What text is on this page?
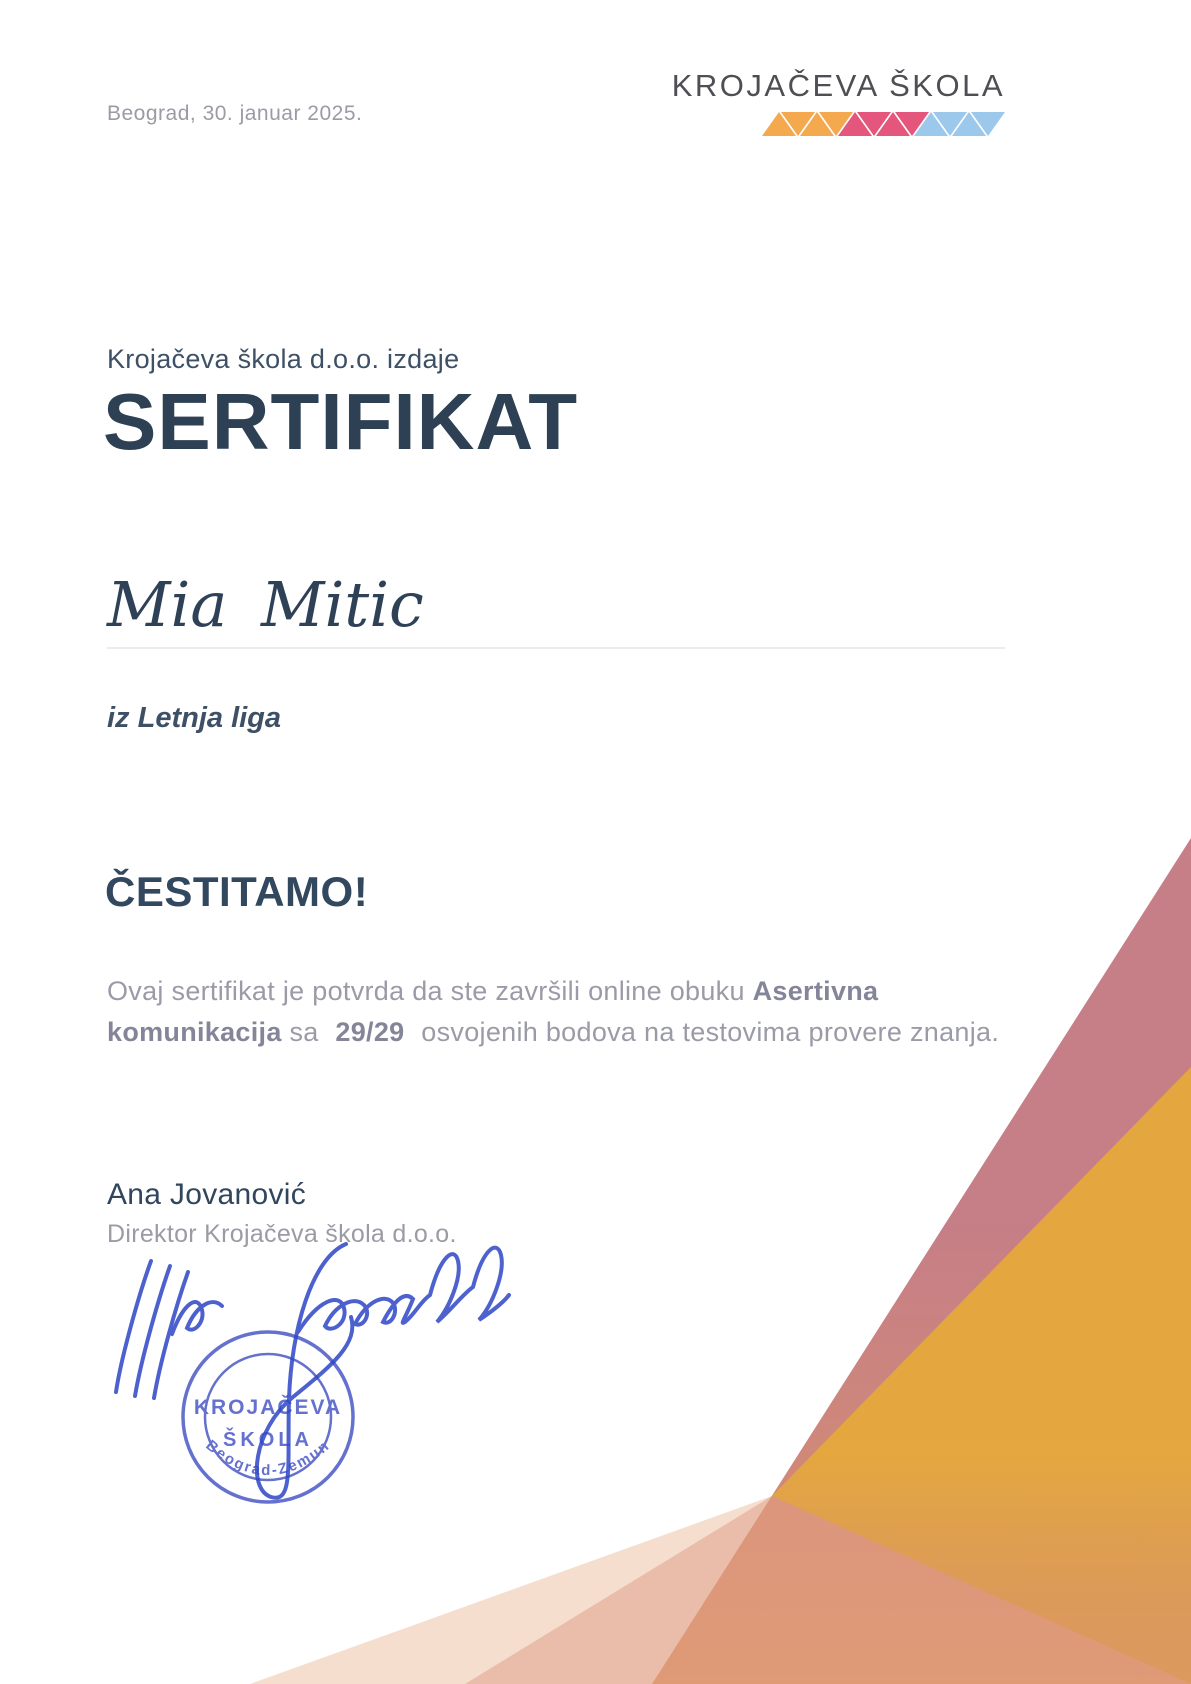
Beograd, 30. januar 2025.
KROJAČEVA ŠKOLA
Krojačeva škola d.o.o. izdaje
SERTIFIKAT
Mia Mitic
iz Letnja liga
ČESTITAMO!

Ovaj sertifikat je potvrda da ste završili online obuku Asertivna komunikacija sa 29/29 osvojenih bodova na testovima provere znanja.

Ana Jovanović
Direktor Krojačeva škola d.o.o.
KROJAČEVA
ŠKOLA
Beograd-Zemun
